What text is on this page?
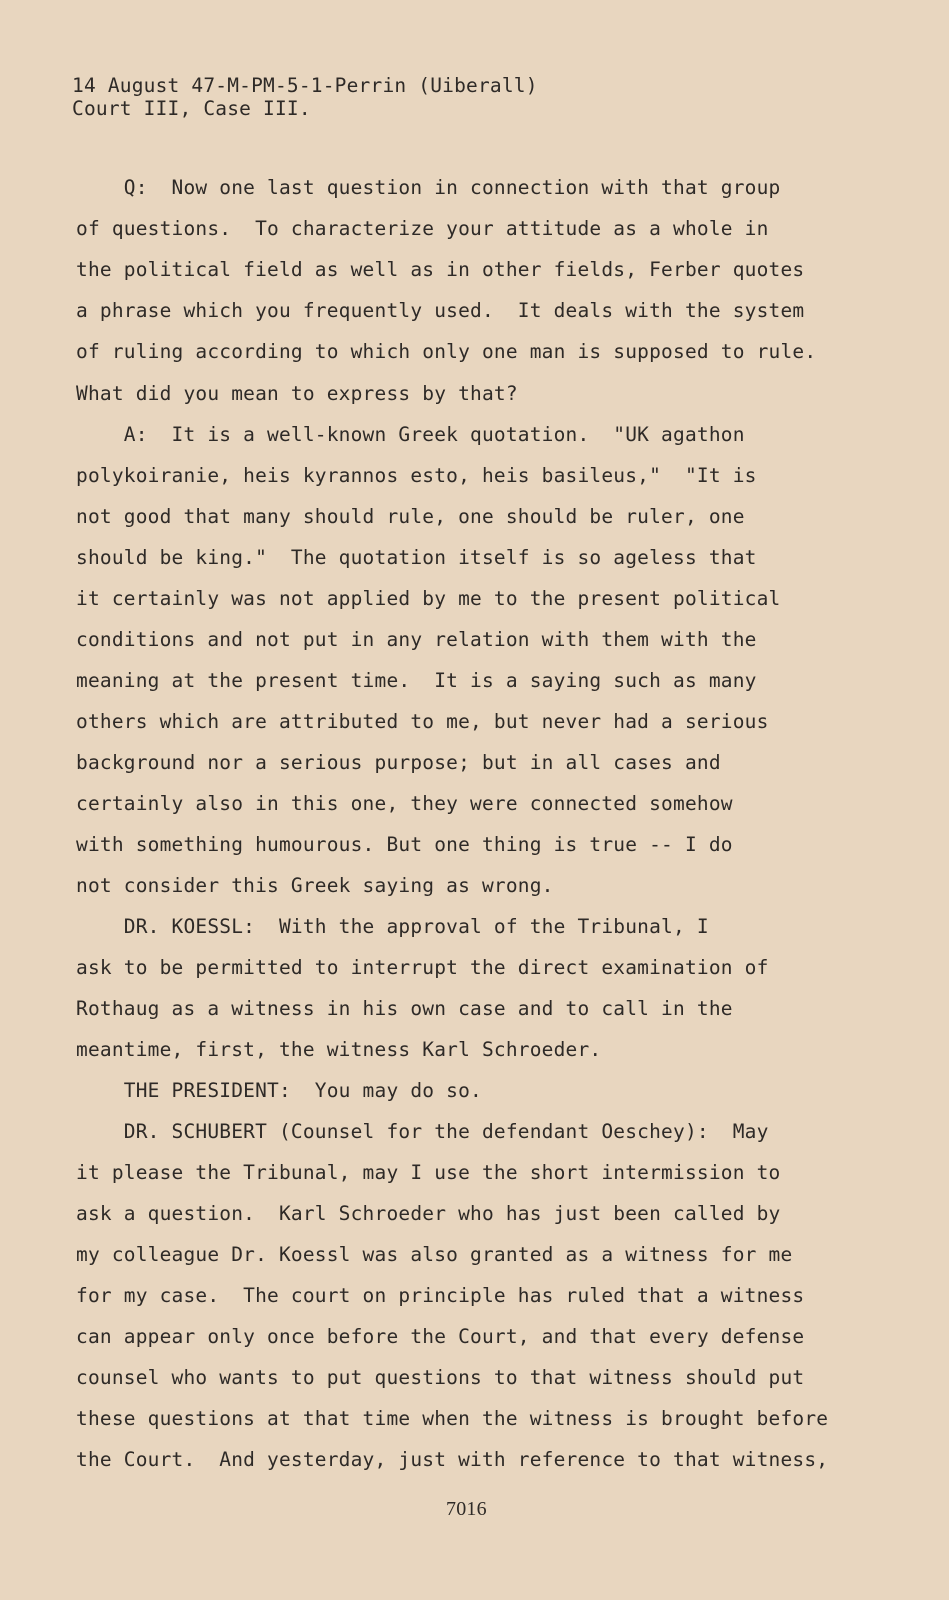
14 August 47-M-PM-5-1-Perrin (Uiberall)
Court III, Case III.
Q:  Now one last question in connection with that group
of questions.  To characterize your attitude as a whole in
the political field as well as in other fields, Ferber quotes
a phrase which you frequently used.  It deals with the system
of ruling according to which only one man is supposed to rule.
What did you mean to express by that?
A:  It is a well-known Greek quotation.  "UK agathon
polykoiranie, heis kyrannos esto, heis basileus,"  "It is
not good that many should rule, one should be ruler, one
should be king."  The quotation itself is so ageless that
it certainly was not applied by me to the present political
conditions and not put in any relation with them with the
meaning at the present time.  It is a saying such as many
others which are attributed to me, but never had a serious
background nor a serious purpose; but in all cases and
certainly also in this one, they were connected somehow
with something humourous. But one thing is true -- I do
not consider this Greek saying as wrong.
DR. KOESSL:  With the approval of the Tribunal, I
ask to be permitted to interrupt the direct examination of
Rothaug as a witness in his own case and to call in the
meantime, first, the witness Karl Schroeder.
THE PRESIDENT:  You may do so.
DR. SCHUBERT (Counsel for the defendant Oeschey):  May
it please the Tribunal, may I use the short intermission to
ask a question.  Karl Schroeder who has just been called by
my colleague Dr. Koessl was also granted as a witness for me
for my case.  The court on principle has ruled that a witness
can appear only once before the Court, and that every defense
counsel who wants to put questions to that witness should put
these questions at that time when the witness is brought before
the Court.  And yesterday, just with reference to that witness,
7016
